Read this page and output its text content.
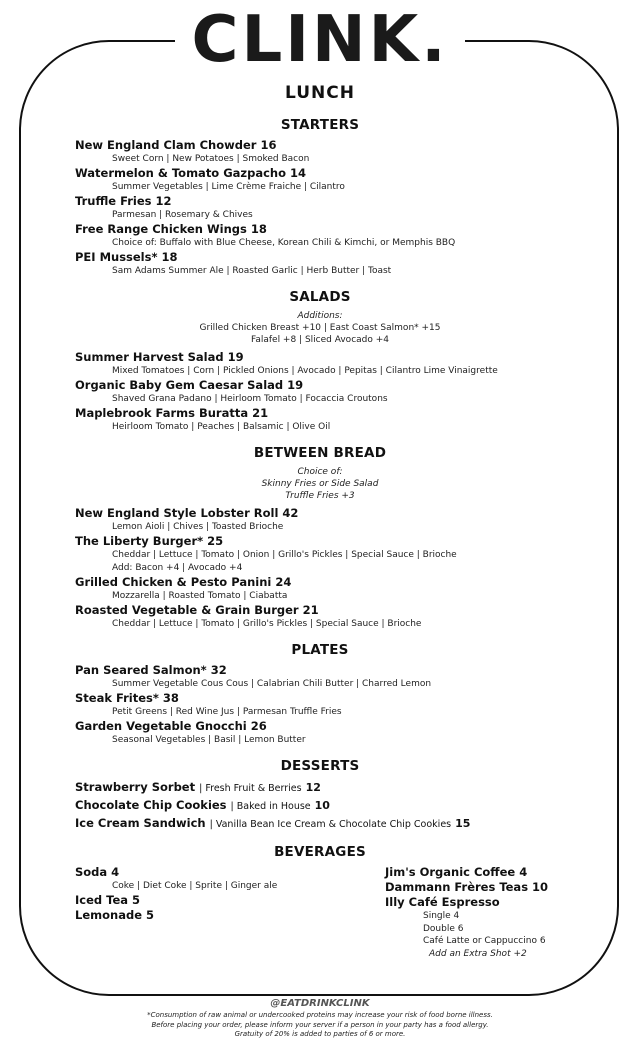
CLINK.
LUNCH
STARTERS
New England Clam Chowder 16
Sweet Corn | New Potatoes | Smoked Bacon
Watermelon & Tomato Gazpacho 14
Summer Vegetables | Lime Crème Fraiche | Cilantro
Truffle Fries 12
Parmesan | Rosemary & Chives
Free Range Chicken Wings 18
Choice of: Buffalo with Blue Cheese, Korean Chili & Kimchi, or Memphis BBQ
PEI Mussels* 18
Sam Adams Summer Ale | Roasted Garlic | Herb Butter | Toast
SALADS
Additions:
Grilled Chicken Breast +10 | East Coast Salmon* +15
Falafel +8 | Sliced Avocado +4
Summer Harvest Salad 19
Mixed Tomatoes | Corn | Pickled Onions | Avocado | Pepitas | Cilantro Lime Vinaigrette
Organic Baby Gem Caesar Salad 19
Shaved Grana Padano | Heirloom Tomato | Focaccia Croutons
Maplebrook Farms Buratta 21
Heirloom Tomato | Peaches | Balsamic | Olive Oil
BETWEEN BREAD
Choice of:
Skinny Fries or Side Salad
Truffle Fries +3
New England Style Lobster Roll 42
Lemon Aioli | Chives | Toasted Brioche
The Liberty Burger* 25
Cheddar | Lettuce | Tomato | Onion | Grillo's Pickles | Special Sauce | Brioche
Add: Bacon +4 | Avocado +4
Grilled Chicken & Pesto Panini 24
Mozzarella | Roasted Tomato | Ciabatta
Roasted Vegetable & Grain Burger 21
Cheddar | Lettuce | Tomato | Grillo's Pickles | Special Sauce | Brioche
PLATES
Pan Seared Salmon* 32
Summer Vegetable Cous Cous | Calabrian Chili Butter | Charred Lemon
Steak Frites* 38
Petit Greens | Red Wine Jus | Parmesan Truffle Fries
Garden Vegetable Gnocchi 26
Seasonal Vegetables | Basil | Lemon Butter
DESSERTS
Strawberry Sorbet | Fresh Fruit & Berries 12
Chocolate Chip Cookies | Baked in House 10
Ice Cream Sandwich | Vanilla Bean Ice Cream & Chocolate Chip Cookies 15
BEVERAGES
Soda 4
Coke | Diet Coke | Sprite | Ginger ale
Iced Tea 5
Lemonade 5
Jim's Organic Coffee 4
Dammann Frères Teas 10
Illy Café Espresso
Single 4
Double 6
Café Latte or Cappuccino 6
Add an Extra Shot +2
@EATDRINKCLINK
*Consumption of raw animal or undercooked proteins may increase your risk of food borne illness.
Before placing your order, please inform your server if a person in your party has a food allergy.
Gratuity of 20% is added to parties of 6 or more.
